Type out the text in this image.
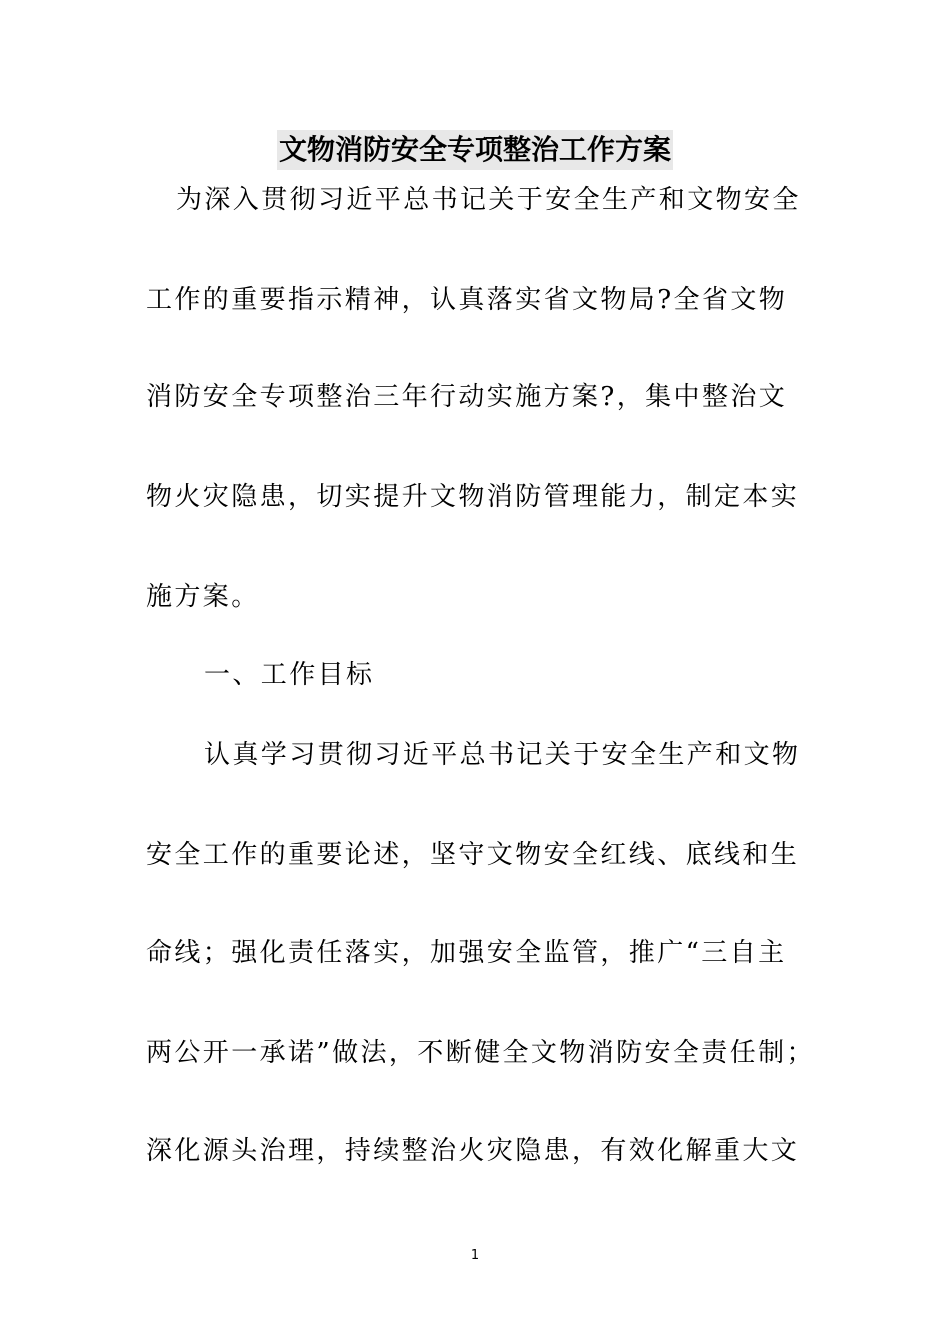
文物消防安全专项整治工作方案
为深入贯彻习近平总书记关于安全生产和文物安全
工作的重要指示精神，认真落实省文物局?全省文物
消防安全专项整治三年行动实施方案?，集中整治文
物火灾隐患，切实提升文物消防管理能力，制定本实
施方案。
一、工作目标
认真学习贯彻习近平总书记关于安全生产和文物
安全工作的重要论述，坚守文物安全红线、底线和生
命线；强化责任落实，加强安全监管，推广“三自主
两公开一承诺”做法，不断健全文物消防安全责任制；
深化源头治理，持续整治火灾隐患，有效化解重大文
1
